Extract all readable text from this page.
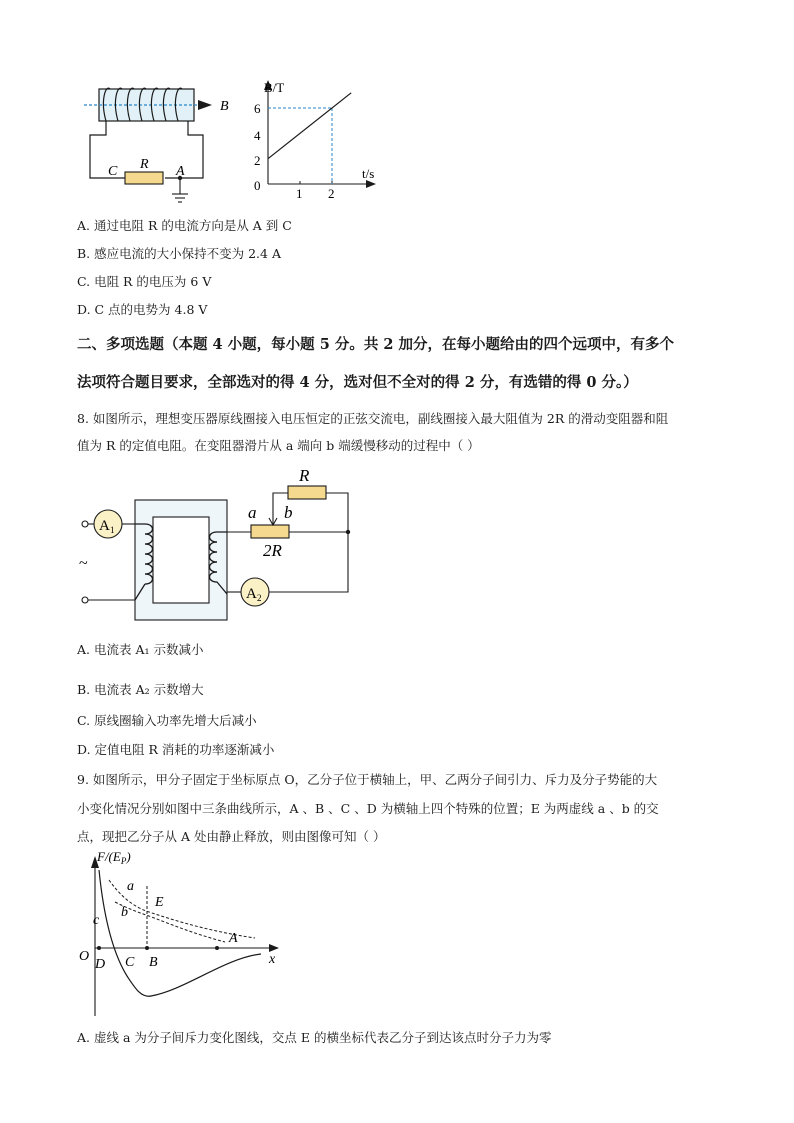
B
C R A
B/T
t/s
0
2
4
6
1 2
A. 通过电阻 R 的电流方向是从 A 到 C
B. 感应电流的大小保持不变为 2.4 A
C. 电阻 R 的电压为 6 V
D. C 点的电势为 4.8 V
二、多项选题（本题 4 小题，每小题 5 分。共 2 加分，在每小题给由的四个远项中，有多个
法项符合题目要求，全部选对的得 4 分，选对但不全对的得 2 分，有选错的得 0 分。）
8. 如图所示，理想变压器原线圈接入电压恒定的正弦交流电，副线圈接入最大阻值为 2R 的滑动变阻器和阻
值为 R 的定值电阻。在变阻器滑片从 a 端向 b 端缓慢移动的过程中（ ）
A 1
~
A 2
R
a b
2R
A. 电流表 A₁ 示数减小
B. 电流表 A₂ 示数增大
C. 原线圈输入功率先增大后减小
D. 定值电阻 R 消耗的功率逐渐减小
9. 如图所示，甲分子固定于坐标原点 O，乙分子位于横轴上，甲、乙两分子间引力、斥力及分子势能的大
小变化情况分别如图中三条曲线所示，A 、B 、C 、D 为横轴上四个特殊的位置；E 为两虚线 a 、b 的交
点，现把乙分子从 A 处由静止释放，则由图像可知（ ）
$F/(E_P)$
O	x
a
b
c
E
A
B
C
D
A. 虚线 a 为分子间斥力变化图线，交点 E 的横坐标代表乙分子到达该点时分子力为零
